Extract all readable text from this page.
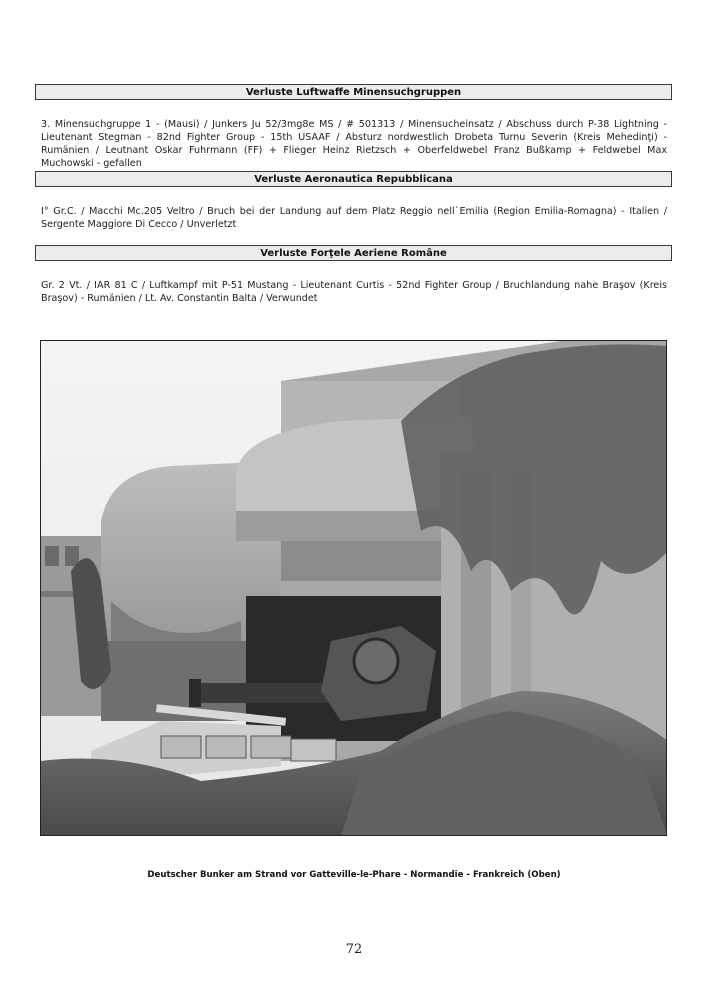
Verluste Luftwaffe Minensuchgruppen
3. Minensuchgruppe 1 - (Mausi) / Junkers Ju 52/3mg8e MS / # 501313 / Minensucheinsatz / Abschuss durch P-38 Lightning - Lieutenant Stegman - 82nd Fighter Group - 15th USAAF / Absturz nordwestlich Drobeta Turnu Severin (Kreis Mehedinţi) - Rumänien / Leutnant Oskar Fuhrmann (FF) + Flieger Heinz Rietzsch + Oberfeldwebel Franz Bußkamp + Feldwebel Max Muchowski - gefallen
Verluste Aeronautica Repubblicana
I° Gr.C. / Macchi Mc.205 Veltro / Bruch bei der Landung auf dem Platz Reggio nell`Emilia (Region Emilia-Romagna) - Italien / Sergente Maggiore Di Cecco / Unverletzt
Verluste Forţele Aeriene Române
Gr. 2 Vt. / IAR 81 C / Luftkampf mit P-51 Mustang - Lieutenant Curtis - 52nd Fighter Group / Bruchlandung nahe Braşov (Kreis Braşov) - Rumänien / Lt. Av. Constantin Balta / Verwundet
Deutscher Bunker am Strand vor Gatteville-le-Phare - Normandie - Frankreich (Oben)
72
